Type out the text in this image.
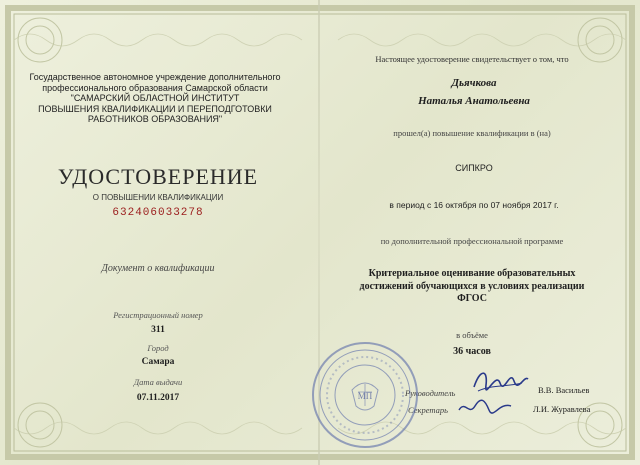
Государственное автономное учреждение дополнительного
профессионального образования Самарской области
"САМАРСКИЙ ОБЛАСТНОЙ ИНСТИТУТ
ПОВЫШЕНИЯ КВАЛИФИКАЦИИ И ПЕРЕПОДГОТОВКИ
РАБОТНИКОВ ОБРАЗОВАНИЯ"
УДОСТОВЕРЕНИЕ
О ПОВЫШЕНИИ КВАЛИФИКАЦИИ
632406033278
Документ о квалификации
Регистрационный номер
311
Город
Самара
Дата выдачи
07.11.2017
Настоящее удостоверение свидетельствует о том, что
Дьячкова
Наталья Анатольевна
прошел(а) повышение квалификации в (на)
СИПКРО
в период с 16 октября по 07 ноября 2017 г.
по дополнительной профессиональной программе
Критериальное оценивание образовательных
достижений обучающихся в условиях реализации
ФГОС
в объёме
36 часов
Руководитель	В.В. Васильев
Секретарь	Л.И. Журавлева
МП
